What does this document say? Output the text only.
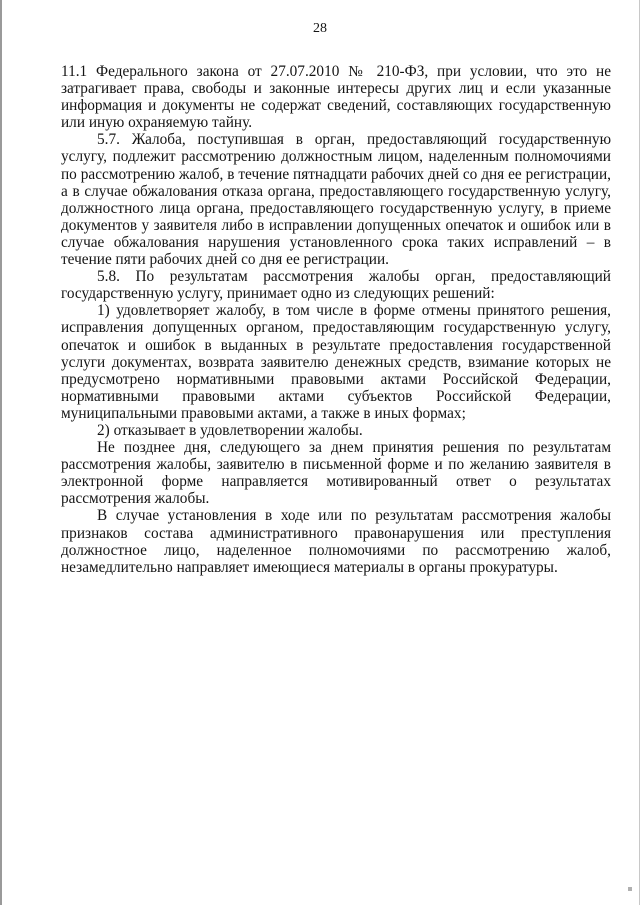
28

11.1 Федерального закона от 27.07.2010 № 210-ФЗ, при условии, что это не затрагивает права, свободы и законные интересы других лиц и если указанные информация и документы не содержат сведений, составляющих государственную или иную охраняемую тайну.

5.7. Жалоба, поступившая в орган, предоставляющий государственную услугу, подлежит рассмотрению должностным лицом, наделенным полномочиями по рассмотрению жалоб, в течение пятнадцати рабочих дней со дня ее регистрации, а в случае обжалования отказа органа, предоставляющего государственную услугу, должностного лица органа, предоставляющего государственную услугу, в приеме документов у заявителя либо в исправлении допущенных опечаток и ошибок или в случае обжалования нарушения установленного срока таких исправлений – в течение пяти рабочих дней со дня ее регистрации.

5.8. По результатам рассмотрения жалобы орган, предоставляющий государственную услугу, принимает одно из следующих решений:

1) удовлетворяет жалобу, в том числе в форме отмены принятого решения, исправления допущенных органом, предоставляющим государственную услугу, опечаток и ошибок в выданных в результате предоставления государственной услуги документах, возврата заявителю денежных средств, взимание которых не предусмотрено нормативными правовыми актами Российской Федерации, нормативными правовыми актами субъектов Российской Федерации, муниципальными правовыми актами, а также в иных формах;

2) отказывает в удовлетворении жалобы.

Не позднее дня, следующего за днем принятия решения по результатам рассмотрения жалобы, заявителю в письменной форме и по желанию заявителя в электронной форме направляется мотивированный ответ о результатах рассмотрения жалобы.

В случае установления в ходе или по результатам рассмотрения жалобы признаков состава административного правонарушения или преступления должностное лицо, наделенное полномочиями по рассмотрению жалоб, незамедлительно направляет имеющиеся материалы в органы прокуратуры.
